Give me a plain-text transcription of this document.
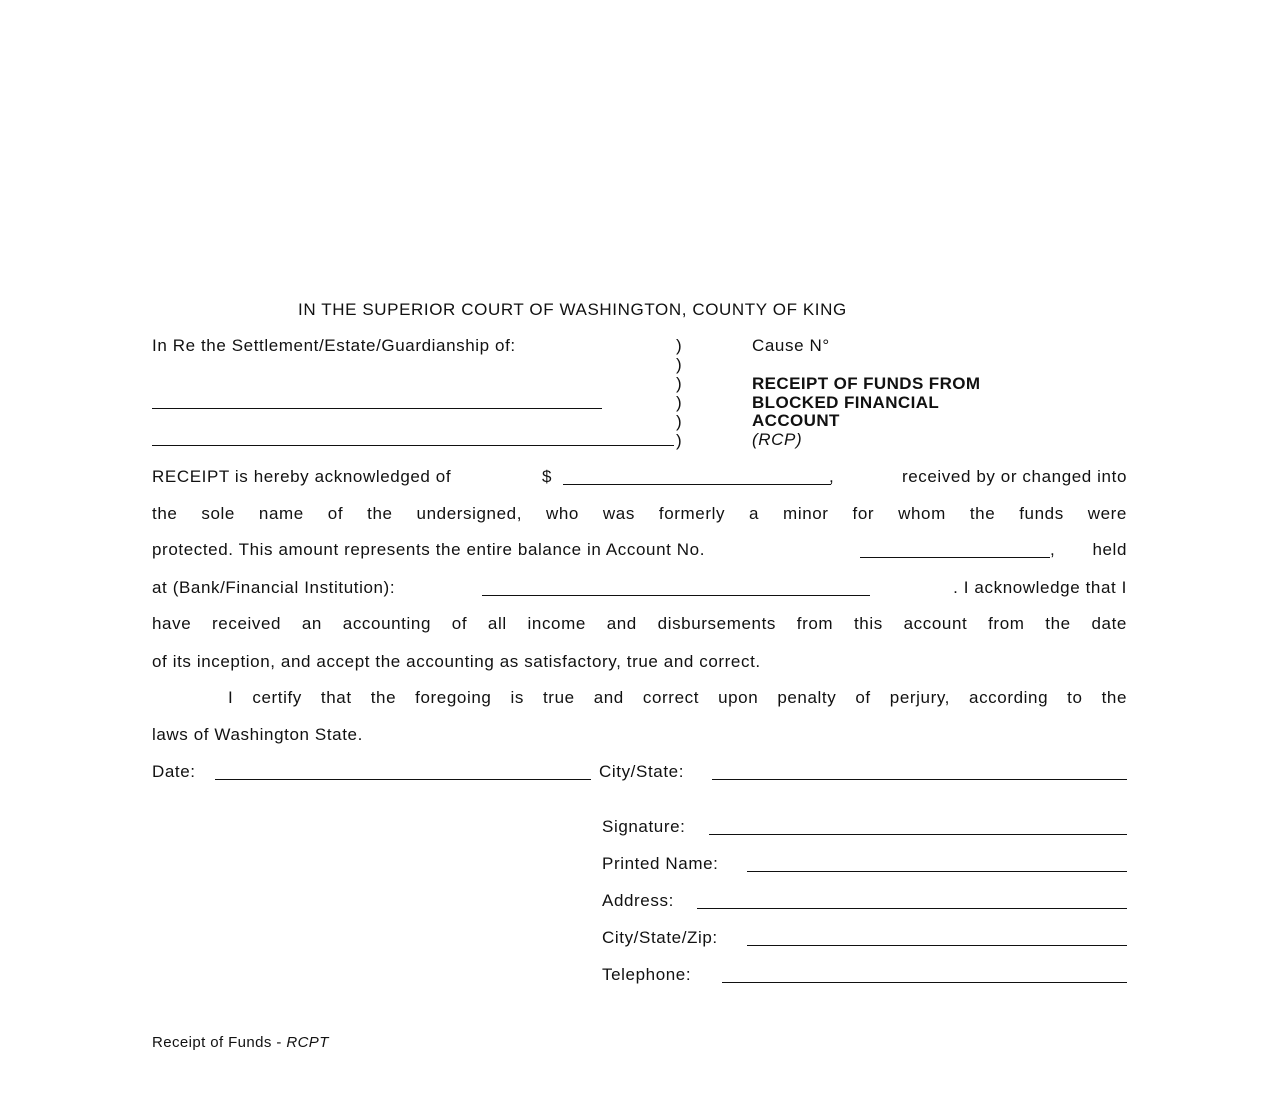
IN THE SUPERIOR COURT OF WASHINGTON, COUNTY OF KING
In Re the Settlement/Estate/Guardianship of:	)
)
)
)
)
)
Cause N°
RECEIPT OF FUNDS FROM
BLOCKED FINANCIAL
ACCOUNT
(RCP)
RECEIPT is hereby acknowledged of	$	,	received by or changed into
the sole name of the undersigned, who was formerly a minor for whom the funds were
protected. This amount represents the entire balance in Account No.	,	held
at (Bank/Financial Institution):	. I acknowledge that I
have received an accounting of all income and disbursements from this account from the date
of its inception, and accept the accounting as satisfactory, true and correct.
I certify that the foregoing is true and correct upon penalty of perjury, according to the
laws of Washington State.
Date:	City/State:
Signature:
Printed Name:
Address:
City/State/Zip:
Telephone:
Receipt of Funds - RCPT
